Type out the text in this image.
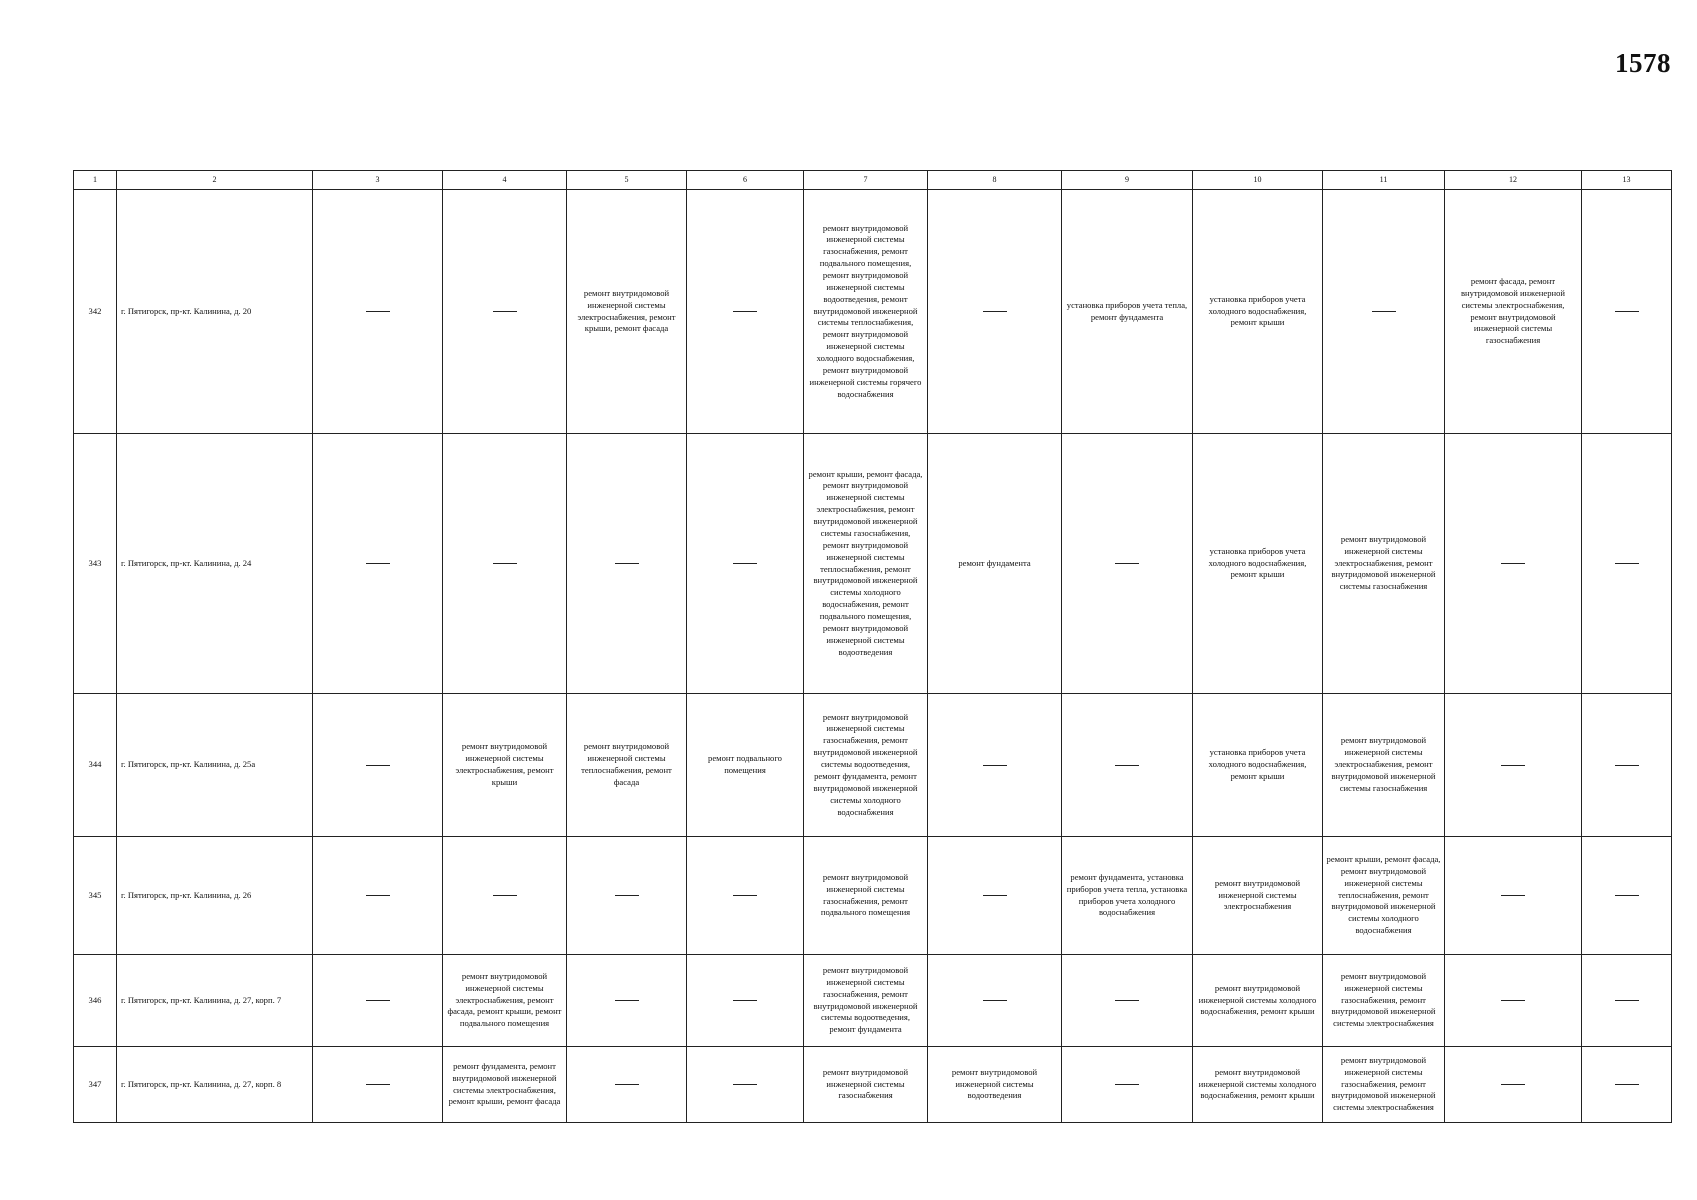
1578
1	2	3	4	5	6	7	8	9	10	11	12	13
342	г. Пятигорск, пр-кт. Калинина, д. 20			ремонт внутридомовой инженерной системы электроснабжения, ремонт крыши, ремонт фасада		ремонт внутридомовой инженерной системы газоснабжения, ремонт подвального помещения, ремонт внутридомовой инженерной системы водоотведения, ремонт внутридомовой инженерной системы теплоснабжения, ремонт внутридомовой инженерной системы холодного водоснабжения, ремонт внутридомовой инженерной системы горячего водоснабжения		установка приборов учета тепла, ремонт фундамента	установка приборов учета холодного водоснабжения, ремонт крыши		ремонт фасада, ремонт внутридомовой инженерной системы электроснабжения, ремонт внутридомовой инженерной системы газоснабжения	
343	г. Пятигорск, пр-кт. Калинина, д. 24					ремонт крыши, ремонт фасада, ремонт внутридомовой инженерной системы электроснабжения, ремонт внутридомовой инженерной системы газоснабжения, ремонт внутридомовой инженерной системы теплоснабжения, ремонт внутридомовой инженерной системы холодного водоснабжения, ремонт подвального помещения, ремонт внутридомовой инженерной системы водоотведения	ремонт фундамента		установка приборов учета холодного водоснабжения, ремонт крыши	ремонт внутридомовой инженерной системы электроснабжения, ремонт внутридомовой инженерной системы газоснабжения		
344	г. Пятигорск, пр-кт. Калинина, д. 25а		ремонт внутридомовой инженерной системы электроснабжения, ремонт крыши	ремонт внутридомовой инженерной системы теплоснабжения, ремонт фасада	ремонт подвального помещения	ремонт внутридомовой инженерной системы газоснабжения, ремонт внутридомовой инженерной системы водоотведения, ремонт фундамента, ремонт внутридомовой инженерной системы холодного водоснабжения			установка приборов учета холодного водоснабжения, ремонт крыши	ремонт внутридомовой инженерной системы электроснабжения, ремонт внутридомовой инженерной системы газоснабжения		
345	г. Пятигорск, пр-кт. Калинина, д. 26					ремонт внутридомовой инженерной системы газоснабжения, ремонт подвального помещения		ремонт фундамента, установка приборов учета тепла, установка приборов учета холодного водоснабжения	ремонт внутридомовой инженерной системы электроснабжения	ремонт крыши, ремонт фасада, ремонт внутридомовой инженерной системы теплоснабжения, ремонт внутридомовой инженерной системы холодного водоснабжения		
346	г. Пятигорск, пр-кт. Калинина, д. 27, корп. 7		ремонт внутридомовой инженерной системы электроснабжения, ремонт фасада, ремонт крыши, ремонт подвального помещения			ремонт внутридомовой инженерной системы газоснабжения, ремонт внутридомовой инженерной системы водоотведения, ремонт фундамента			ремонт внутридомовой инженерной системы холодного водоснабжения, ремонт крыши	ремонт внутридомовой инженерной системы газоснабжения, ремонт внутридомовой инженерной системы электроснабжения		
347	г. Пятигорск, пр-кт. Калинина, д. 27, корп. 8		ремонт фундамента, ремонт внутридомовой инженерной системы электроснабжения, ремонт крыши, ремонт фасада			ремонт внутридомовой инженерной системы газоснабжения	ремонт внутридомовой инженерной системы водоотведения		ремонт внутридомовой инженерной системы холодного водоснабжения, ремонт крыши	ремонт внутридомовой инженерной системы газоснабжения, ремонт внутридомовой инженерной системы электроснабжения		
